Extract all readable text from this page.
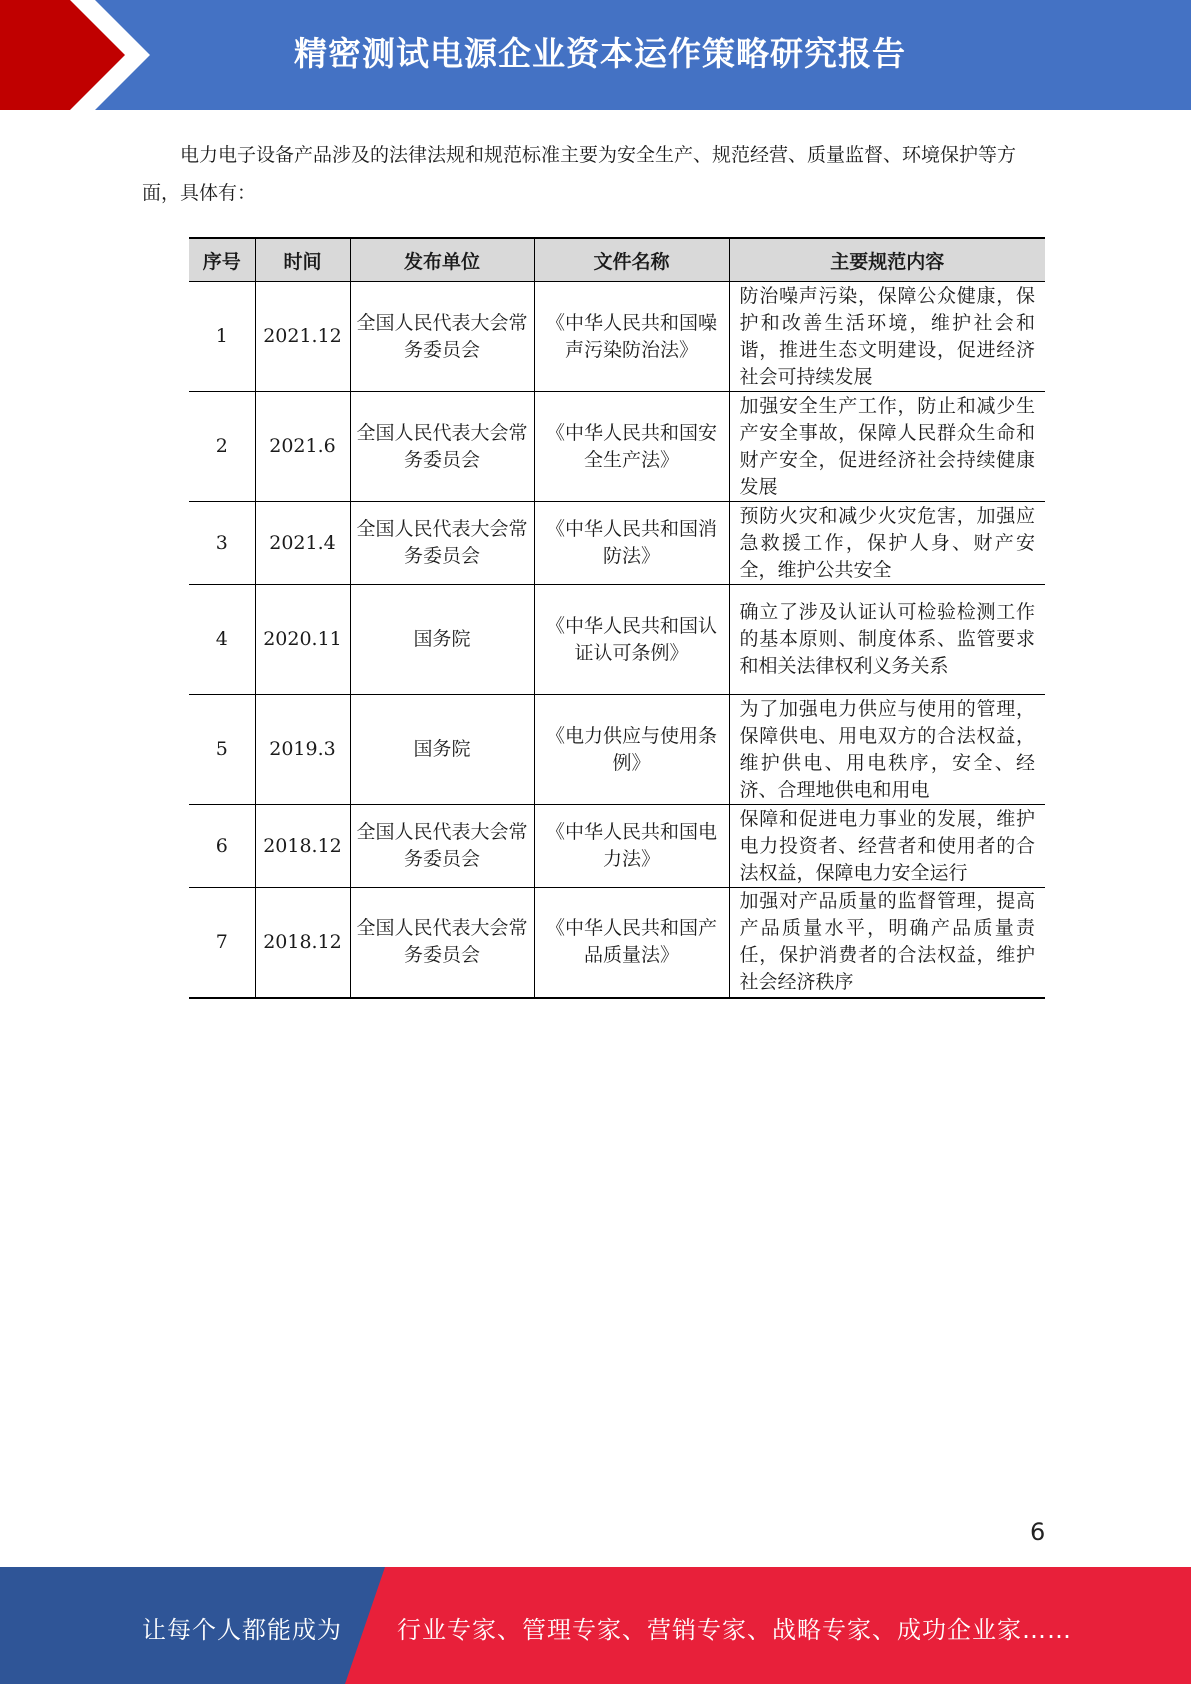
精密测试电源企业资本运作策略研究报告

电力电子设备产品涉及的法律法规和规范标准主要为安全生产、规范经营、质量监督、环境保护等方面，具体有：

序号	时间	发布单位	文件名称	主要规范内容
1	2021.12	全国人民代表大会常务委员会	《中华人民共和国噪声污染防治法》	防治噪声污染，保障公众健康，保护和改善生活环境，维护社会和谐，推进生态文明建设，促进经济社会可持续发展
2	2021.6	全国人民代表大会常务委员会	《中华人民共和国安全生产法》	加强安全生产工作，防止和减少生产安全事故，保障人民群众生命和财产安全，促进经济社会持续健康发展
3	2021.4	全国人民代表大会常务委员会	《中华人民共和国消防法》	预防火灾和减少火灾危害，加强应急救援工作，保护人身、财产安全，维护公共安全
4	2020.11	国务院	《中华人民共和国认证认可条例》	确立了涉及认证认可检验检测工作的基本原则、制度体系、监管要求和相关法律权利义务关系
5	2019.3	国务院	《电力供应与使用条例》	为了加强电力供应与使用的管理，保障供电、用电双方的合法权益，维护供电、用电秩序，安全、经济、合理地供电和用电
6	2018.12	全国人民代表大会常务委员会	《中华人民共和国电力法》	保障和促进电力事业的发展，维护电力投资者、经营者和使用者的合法权益，保障电力安全运行
7	2018.12	全国人民代表大会常务委员会	《中华人民共和国产品质量法》	加强对产品质量的监督管理，提高产品质量水平，明确产品质量责任，保护消费者的合法权益，维护社会经济秩序
6
让每个人都能成为 行业专家、管理专家、营销专家、战略专家、成功企业家……
